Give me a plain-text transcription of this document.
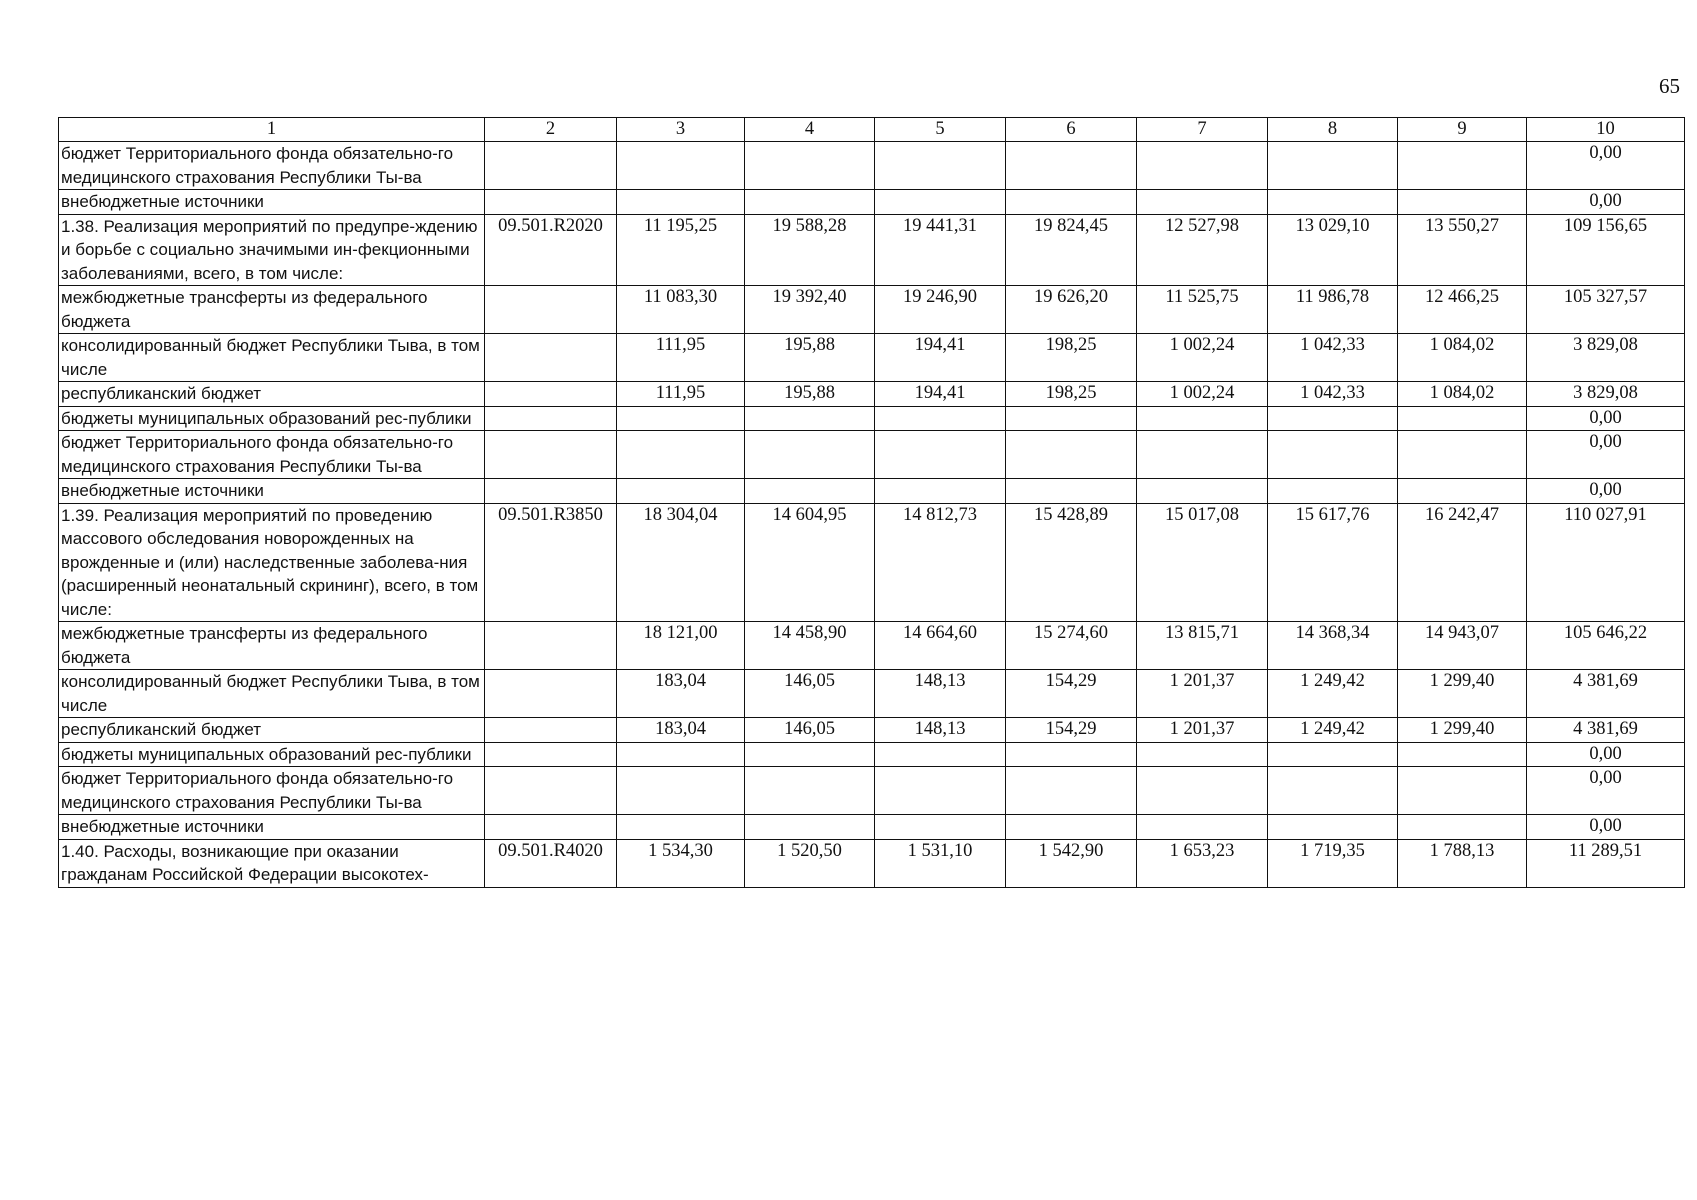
65
1	2	3	4	5	6	7	8	9	10
бюджет Территориального фонда обязательно-го медицинского страхования Республики Ты-ва									0,00
внебюджетные источники									0,00
1.38. Реализация мероприятий по предупре-ждению и борьбе с социально значимыми ин-фекционными заболеваниями, всего, в том числе:	09.501.R2020	11 195,25	19 588,28	19 441,31	19 824,45	12 527,98	13 029,10	13 550,27	109 156,65
межбюджетные трансферты из федерального бюджета		11 083,30	19 392,40	19 246,90	19 626,20	11 525,75	11 986,78	12 466,25	105 327,57
консолидированный бюджет Республики Тыва, в том числе		111,95	195,88	194,41	198,25	1 002,24	1 042,33	1 084,02	3 829,08
республиканский бюджет		111,95	195,88	194,41	198,25	1 002,24	1 042,33	1 084,02	3 829,08
бюджеты муниципальных образований рес-публики									0,00
бюджет Территориального фонда обязательно-го медицинского страхования Республики Ты-ва									0,00
внебюджетные источники									0,00
1.39. Реализация мероприятий по проведению массового обследования новорожденных на врожденные и (или) наследственные заболева-ния (расширенный неонатальный скрининг), всего, в том числе:	09.501.R3850	18 304,04	14 604,95	14 812,73	15 428,89	15 017,08	15 617,76	16 242,47	110 027,91
межбюджетные трансферты из федерального бюджета		18 121,00	14 458,90	14 664,60	15 274,60	13 815,71	14 368,34	14 943,07	105 646,22
консолидированный бюджет Республики Тыва, в том числе		183,04	146,05	148,13	154,29	1 201,37	1 249,42	1 299,40	4 381,69
республиканский бюджет		183,04	146,05	148,13	154,29	1 201,37	1 249,42	1 299,40	4 381,69
бюджеты муниципальных образований рес-публики									0,00
бюджет Территориального фонда обязательно-го медицинского страхования Республики Ты-ва									0,00
внебюджетные источники									0,00
1.40. Расходы, возникающие при оказании гражданам Российской Федерации высокотех-	09.501.R4020	1 534,30	1 520,50	1 531,10	1 542,90	1 653,23	1 719,35	1 788,13	11 289,51
